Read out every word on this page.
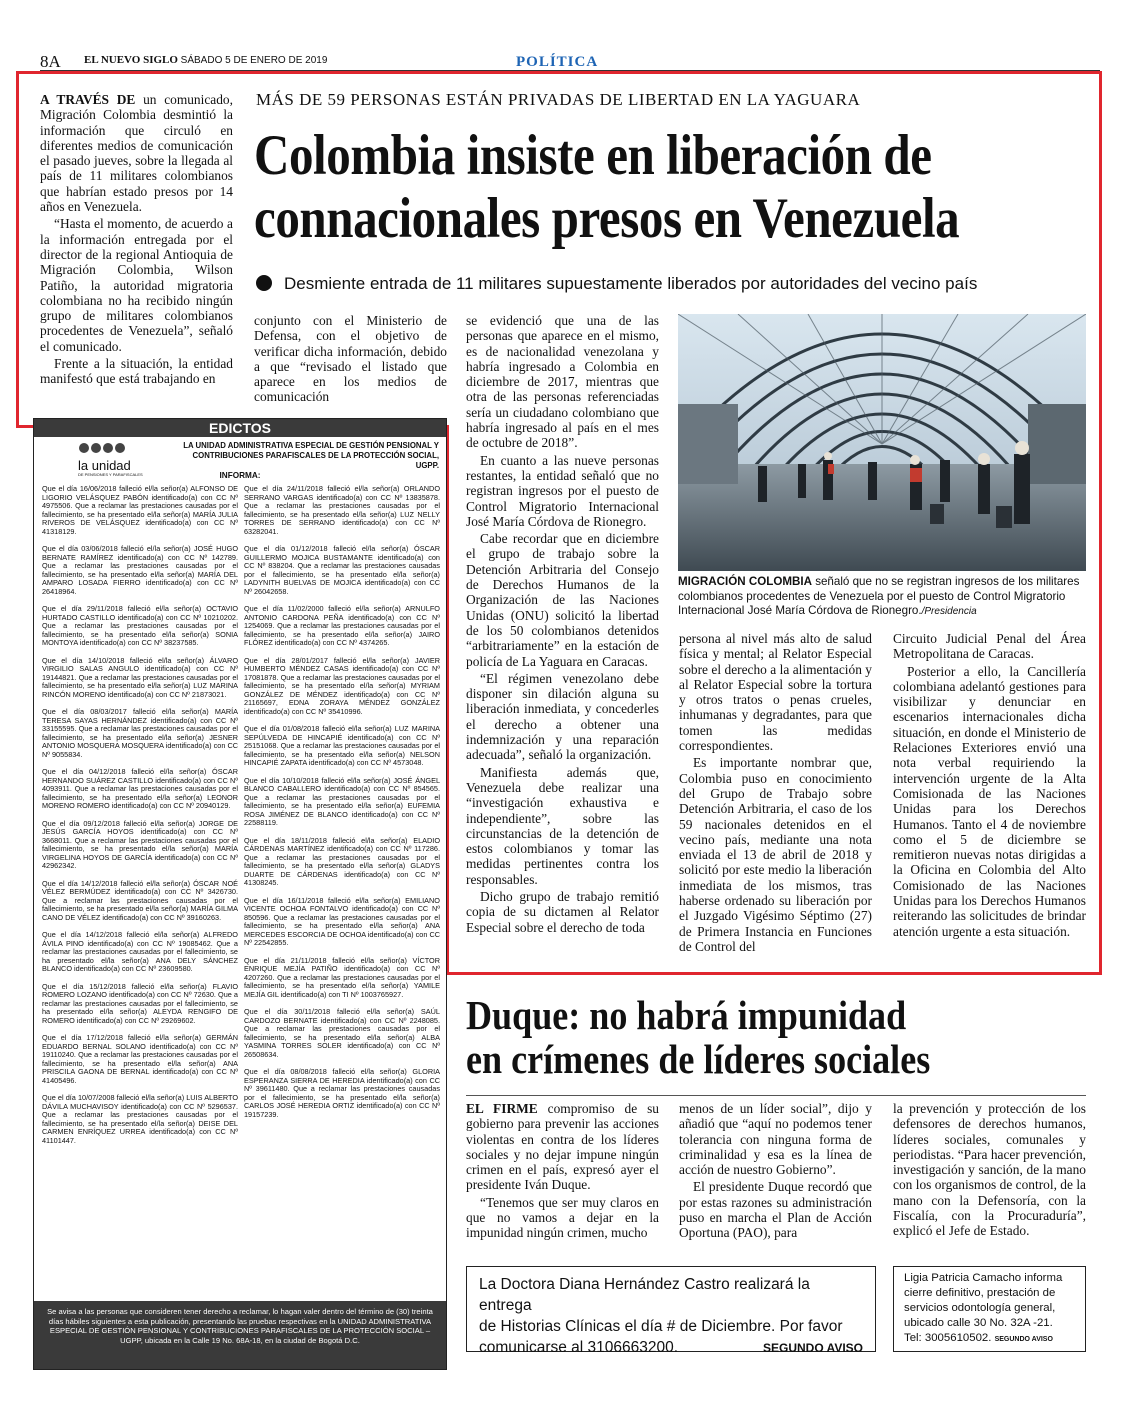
8A EL NUEVO SIGLO SÁBADO 5 DE ENERO DE 2019	POLÍTICA
MÁS DE 59 PERSONAS ESTÁN PRIVADAS DE LIBERTAD EN LA YAGUARA
Colombia insiste en liberación de
connacionales presos en Venezuela
Desmiente entrada de 11 militares supuestamente liberados por autoridades del vecino país

A TRAVÉS DE un comunicado, Migración Colombia desmintió la información que circuló en diferentes medios de comunicación el pasado jueves, sobre la llegada al país de 11 militares colombianos que habrían estado presos por 14 años en Venezuela.

“Hasta el momento, de acuerdo a la información entregada por el director de la regional Antioquia de Migración Colombia, Wilson Patiño, la autoridad migratoria colombiana no ha recibido ningún grupo de militares colombianos procedentes de Venezuela”, señaló el comunicado.

Frente a la situación, la entidad manifestó que está trabajando en

conjunto con el Ministerio de Defensa, con el objetivo de verificar dicha información, debido a que “revisado el listado que aparece en los medios de comunicación

se evidenció que una de las personas que aparece en el mismo, es de nacionalidad venezolana y habría ingresado a Colombia en diciembre de 2017, mientras que otra de las personas referenciadas sería un ciudadano colombiano que habría ingresado al país en el mes de octubre de 2018”.

En cuanto a las nueve personas restantes, la entidad señaló que no registran ingresos por el puesto de Control Migratorio Internacional José María Córdova de Rionegro.

Cabe recordar que en diciembre el grupo de trabajo sobre la Detención Arbitraria del Consejo de Derechos Humanos de la Organización de las Naciones Unidas (ONU) solicitó la libertad de los 50 colombianos detenidos “arbitrariamente” en la estación de policía de La Yaguara en Caracas.

“El régimen venezolano debe disponer sin dilación alguna su liberación inmediata, y concederles el derecho a obtener una indemnización y una reparación adecuada”, señaló la organización.

Manifiesta además que, Venezuela debe realizar una “investigación exhaustiva e independiente”, sobre las circunstancias de la detención de estos colombianos y tomar las medidas pertinentes contra los responsables.

Dicho grupo de trabajo remitió copia de su dictamen al Relator Especial sobre el derecho de toda

MIGRACIÓN COLOMBIA señaló que no se registran ingresos de los militares colombianos procedentes de Venezuela por el puesto de Control Migratorio Internacional José María Córdova de Rionegro./Presidencia

persona al nivel más alto de salud física y mental; al Relator Especial sobre el derecho a la alimentación y al Relator Especial sobre la tortura y otros tratos o penas crueles, inhumanas y degradantes, para que tomen las medidas correspondientes.

Es importante nombrar que, Colombia puso en conocimiento del Grupo de Trabajo sobre Detención Arbitraria, el caso de los 59 nacionales detenidos en el vecino país, mediante una nota enviada el 13 de abril de 2018 y solicitó por este medio la liberación inmediata de los mismos, tras haberse ordenado su liberación por el Juzgado Vigésimo Séptimo (27) de Primera Instancia en Funciones de Control del

Circuito Judicial Penal del Área Metropolitana de Caracas.

Posterior a ello, la Cancillería colombiana adelantó gestiones para visibilizar y denunciar en escenarios internacionales dicha situación, en donde el Ministerio de Relaciones Exteriores envió una nota verbal requiriendo la intervención urgente de la Alta Comisionada de las Naciones Unidas para los Derechos Humanos. Tanto el 4 de noviembre como el 5 de diciembre se remitieron nuevas notas dirigidas a la Oficina en Colombia del Alto Comisionado de las Naciones Unidas para los Derechos Humanos reiterando las solicitudes de brindar atención urgente a esta situación.

EDICTOS
la unidad
DE PENSIONES Y PARAFISCALES
LA UNIDAD ADMINISTRATIVA ESPECIAL DE GESTIÓN PENSIONAL Y CONTRIBUCIONES PARAFISCALES DE LA PROTECCIÓN SOCIAL, UGPP.
INFORMA:

Que el día 16/06/2018 falleció el/la señor(a) ALFONSO DE LIGORIO VELÁSQUEZ PABÓN identificado(a) con CC Nº 4975506. Que a reclamar las prestaciones causadas por el fallecimiento, se ha presentado el/la señor(a) MARÍA JULIA RIVEROS DE VELÁSQUEZ identificado(a) con CC Nº 41318129.

Que el día 03/06/2018 falleció el/la señor(a) JOSÉ HUGO BERNATE RAMÍREZ identificado(a) con CC Nº 142789. Que a reclamar las prestaciones causadas por el fallecimiento, se ha presentado el/la señor(a) MARÍA DEL AMPARO LOSADA FIERRO identificado(a) con CC Nº 26418964.

Que el día 29/11/2018 falleció el/la señor(a) OCTAVIO HURTADO CASTILLO identificado(a) con CC Nº 10210202. Que a reclamar las prestaciones causadas por el fallecimiento, se ha presentado el/la señor(a) SONIA MONTOYA identificado(a) con CC Nº 38237585.

Que el día 14/10/2018 falleció el/la señor(a) ÁLVARO VIRGILIO SALAS ANGULO identificado(a) con CC Nº 19144821. Que a reclamar las prestaciones causadas por el fallecimiento, se ha presentado el/la señor(a) LUZ MARINA RINCÓN MORENO identificado(a) con CC Nº 21873021.

Que el día 08/03/2017 falleció el/la señor(a) MARÍA TERESA SAYAS HERNÁNDEZ identificado(a) con CC Nº 33155595. Que a reclamar las prestaciones causadas por el fallecimiento, se ha presentado el/la señor(a) JESNER ANTONIO MOSQUERA MOSQUERA identificado(a) con CC Nº 9055834.

Que el día 04/12/2018 falleció el/la señor(a) ÓSCAR HERNANDO SUÁREZ CASTILLO identificado(a) con CC Nº 4093911. Que a reclamar las prestaciones causadas por el fallecimiento, se ha presentado el/la señor(a) LEONOR MORENO ROMERO identificado(a) con CC Nº 20940129.

Que el día 09/12/2018 falleció el/la señor(a) JORGE DE JESÚS GARCÍA HOYOS identificado(a) con CC Nº 3668011. Que a reclamar las prestaciones causadas por el fallecimiento, se ha presentado el/la señor(a) MARÍA VIRGELINA HOYOS DE GARCÍA identificado(a) con CC Nº 42962342.

Que el día 14/12/2018 falleció el/la señor(a) ÓSCAR NOÉ VÉLEZ BERMÚDEZ identificado(a) con CC Nº 3426730. Que a reclamar las prestaciones causadas por el fallecimiento, se ha presentado el/la señor(a) MARÍA GILMA CANO DE VÉLEZ identificado(a) con CC Nº 39160263.

Que el día 14/12/2018 falleció el/la señor(a) ALFREDO ÁVILA PINO identificado(a) con CC Nº 19085462. Que a reclamar las prestaciones causadas por el fallecimiento, se ha presentado el/la señor(a) ANA DELY SÁNCHEZ BLANCO identificado(a) con CC Nº 23609580.

Que el día 15/12/2018 falleció el/la señor(a) FLAVIO ROMERO LOZANO identificado(a) con CC Nº 72630. Que a reclamar las prestaciones causadas por el fallecimiento, se ha presentado el/la señor(a) ALEYDA RENGIFO DE ROMERO identificado(a) con CC Nº 29269602.

Que el día 17/12/2018 falleció el/la señor(a) GERMÁN EDUARDO BERNAL SOLANO identificado(a) con CC Nº 19110240. Que a reclamar las prestaciones causadas por el fallecimiento, se ha presentado el/la señor(a) ANA PRISCILA GAONA DE BERNAL identificado(a) con CC Nº 41405496.

Que el día 10/07/2008 falleció el/la señor(a) LUIS ALBERTO DÁVILA MUCHAVISOY identificado(a) con CC Nº 5296537. Que a reclamar las prestaciones causadas por el fallecimiento, se ha presentado el/la señor(a) DEISE DEL CARMEN ENRÍQUEZ URREA identificado(a) con CC Nº 41101447.

Que el día 24/11/2018 falleció el/la señor(a) ORLANDO SERRANO VARGAS identificado(a) con CC Nº 13835878. Que a reclamar las prestaciones causadas por el fallecimiento, se ha presentado el/la señor(a) LUZ NELLY TORRES DE SERRANO identificado(a) con CC Nº 63282041.

Que el día 01/12/2018 falleció el/la señor(a) ÓSCAR GUILLERMO MOJICA BUSTAMANTE identificado(a) con CC Nº 838204. Que a reclamar las prestaciones causadas por el fallecimiento, se ha presentado el/la señor(a) LADYNITH BUELVAS DE MOJICA identificado(a) con CC Nº 26042658.

Que el día 11/02/2000 falleció el/la señor(a) ARNULFO ANTONIO CARDONA PEÑA identificado(a) con CC Nº 1254069. Que a reclamar las prestaciones causadas por el fallecimiento, se ha presentado el/la señor(a) JAIRO FLÓREZ identificado(a) con CC Nº 4374265.

Que el día 28/01/2017 falleció el/la señor(a) JAVIER HUMBERTO MÉNDEZ CASAS identificado(a) con CC Nº 17081878. Que a reclamar las prestaciones causadas por el fallecimiento, se ha presentado el/la señor(a) MYRIAM GONZÁLEZ DE MÉNDEZ identificado(a) con CC Nº 21165697, EDNA ZORAYA MÉNDEZ GONZÁLEZ identificado(a) con CC Nº 35410996.

Que el día 01/08/2018 falleció el/la señor(a) LUZ MARINA SEPÚLVEDA DE HINCAPIÉ identificado(a) con CC Nº 25151068. Que a reclamar las prestaciones causadas por el fallecimiento, se ha presentado el/la señor(a) NELSON HINCAPIÉ ZAPATA identificado(a) con CC Nº 4573048.

Que el día 10/10/2018 falleció el/la señor(a) JOSÉ ÁNGEL BLANCO CABALLERO identificado(a) con CC Nº 854565. Que a reclamar las prestaciones causadas por el fallecimiento, se ha presentado el/la señor(a) EUFEMIA ROSA JIMÉNEZ DE BLANCO identificado(a) con CC Nº 22588119.

Que el día 18/11/2018 falleció el/la señor(a) ELADIO CÁRDENAS MARTÍNEZ identificado(a) con CC Nº 117286. Que a reclamar las prestaciones causadas por el fallecimiento, se ha presentado el/la señor(a) GLADYS DUARTE DE CÁRDENAS identificado(a) con CC Nº 41308245.

Que el día 16/11/2018 falleció el/la señor(a) EMILIANO VICENTE OCHOA FONTALVO identificado(a) con CC Nº 850596. Que a reclamar las prestaciones causadas por el fallecimiento, se ha presentado el/la señor(a) ANA MERCEDES ESCORCIA DE OCHOA identificado(a) con CC Nº 22542855.

Que el día 21/11/2018 falleció el/la señor(a) VÍCTOR ENRIQUE MEJÍA PATIÑO identificado(a) con CC Nº 4207260. Que a reclamar las prestaciones causadas por el fallecimiento, se ha presentado el/la señor(a) YAMILE MEJÍA GIL identificado(a) con TI Nº 1003765927.

Que el día 30/11/2018 falleció el/la señor(a) SAÚL CARDOZO BERNATE identificado(a) con CC Nº 2248085. Que a reclamar las prestaciones causadas por el fallecimiento, se ha presentado el/la señor(a) ALBA YASMINA TORRES SOLER identificado(a) con CC Nº 26508634.

Que el día 08/08/2018 falleció el/la señor(a) GLORIA ESPERANZA SIERRA DE HEREDIA identificado(a) con CC Nº 39611480. Que a reclamar las prestaciones causadas por el fallecimiento, se ha presentado el/la señor(a) CARLOS JOSÉ HEREDIA ORTIZ identificado(a) con CC Nº 19157239.

Se avisa a las personas que consideren tener derecho a reclamar, lo hagan valer dentro del término de (30) treinta días hábiles siguientes a esta publicación, presentando las pruebas respectivas en la UNIDAD ADMINISTRATIVA ESPECIAL DE GESTIÓN PENSIONAL Y CONTRIBUCIONES PARAFISCALES DE LA PROTECCIÓN SOCIAL – UGPP, ubicada en la Calle 19 No. 68A-18, en la ciudad de Bogotá D.C.
Duque: no habrá impunidad
en crímenes de líderes sociales

EL FIRME compromiso de su gobierno para prevenir las acciones violentas en contra de los líderes sociales y no dejar impune ningún crimen en el país, expresó ayer el presidente Iván Duque.

“Tenemos que ser muy claros en que no vamos a dejar en la impunidad ningún crimen, mucho

menos de un líder social”, dijo y añadió que “aquí no podemos tener tolerancia con ninguna forma de criminalidad y esa es la línea de acción de nuestro Gobierno”.

El presidente Duque recordó que por estas razones su administración puso en marcha el Plan de Acción Oportuna (PAO), para

la prevención y protección de los defensores de derechos humanos, líderes sociales, comunales y periodistas. “Para hacer prevención, investigación y sanción, de la mano con los organismos de control, de la mano con la Defensoría, con la Fiscalía, con la Procuraduría”, explicó el Jefe de Estado.

La Doctora Diana Hernández Castro realizará la entrega
de Historias Clínicas el día # de Diciembre. Por favor
comunicarse al 3106663200.	SEGUNDO AVISO
Ligia Patricia Camacho informa
cierre definitivo, prestación de
servicios odontología general,
ubicado calle 30 No. 32A -21.
Tel: 3005610502. SEGUNDO AVISO
